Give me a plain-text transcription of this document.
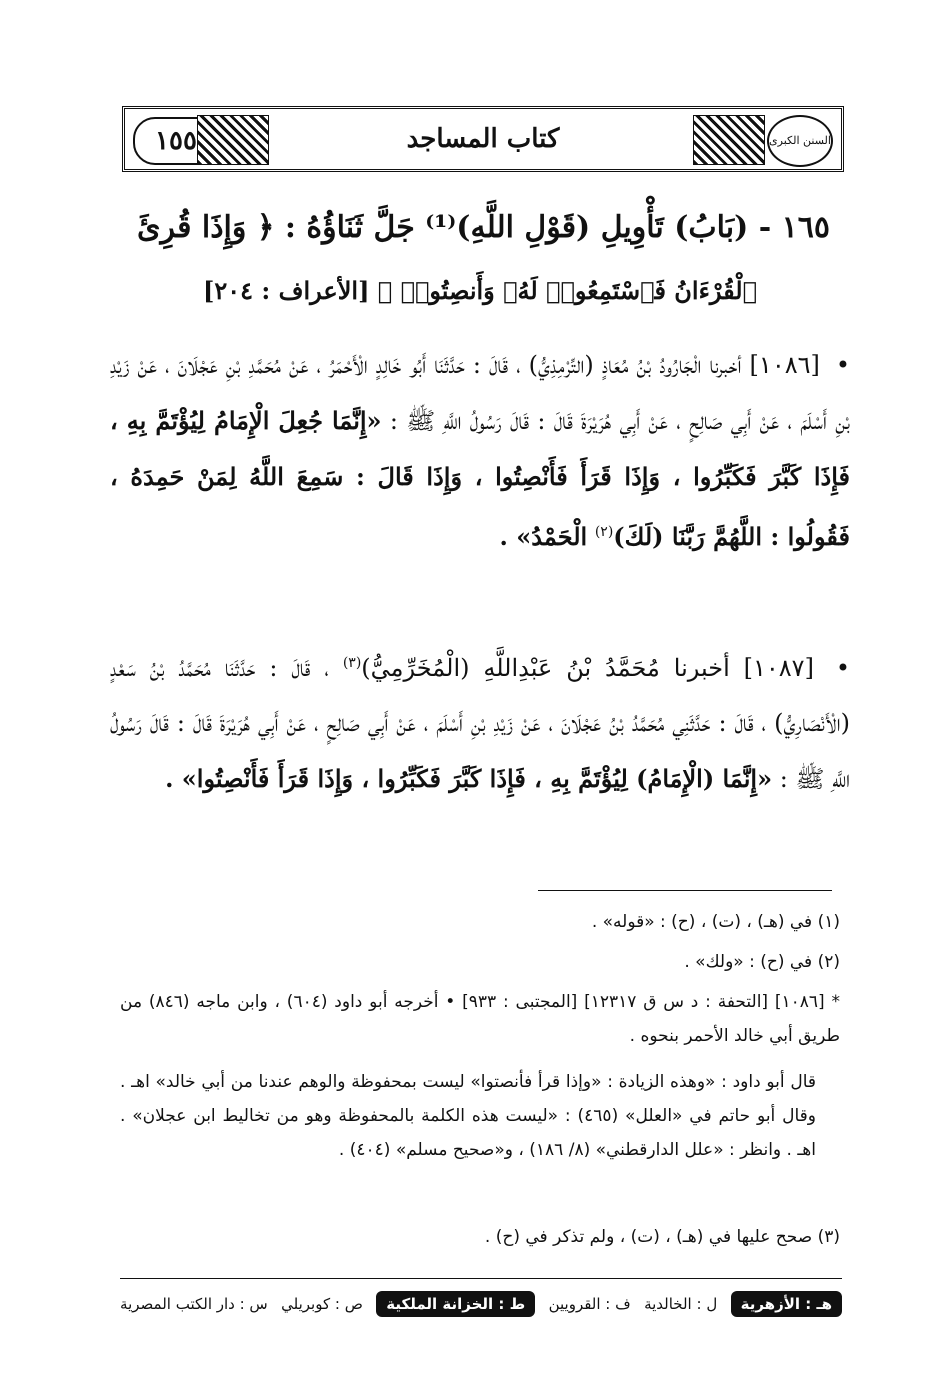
١٥٥	كتاب المساجد	السنن الكبرى
١٦٥ - (بَابُ) تَأْوِيلِ (قَوْلِ اللَّهِ)⁽¹⁾ جَلَّ ثَنَاؤُهُ : ﴿ وَإِذَا قُرِئَ
ٱلْقُرْءَانُ فَٱسْتَمِعُوا۟ لَهُۥ وَأَنصِتُوا۟ ﴾ [الأعراف : ٢٠٤]
• [١٠٨٦] أخبرنا الْجَارُودُ بْنُ مُعَاذٍ (التِّرْمِذِيُّ) ، قَالَ : حَدَّثَنَا أَبُو خَالِدٍ الْأَحْمَرُ ، عَنْ مُحَمَّدِ بْنِ عَجْلَانَ ، عَنْ زَيْدِ بْنِ أَسْلَمَ ، عَنْ أَبِي صَالِحٍ ، عَنْ أَبِي هُرَيْرَةَ قَالَ : قَالَ رَسُولُ اللَّهِ ﷺ : «إِنَّمَا جُعِلَ الْإِمَامُ لِيُؤْتَمَّ بِهِ ، فَإِذَا كَبَّرَ فَكَبِّرُوا ، وَإِذَا قَرَأَ فَأَنْصِتُوا ، وَإِذَا قَالَ : سَمِعَ اللَّهُ لِمَنْ حَمِدَهُ ، فَقُولُوا : اللَّهُمَّ رَبَّنَا (لَكَ)$^{(٢)}$ الْحَمْدُ» .
• [١٠٨٧] أخبرنا مُحَمَّدُ بْنُ عَبْدِاللَّهِ (الْمُخَرِّمِيُّ)$^{(٣)}$ ، قَالَ : حَدَّثَنَا مُحَمَّدُ بْنُ سَعْدٍ (الْأَنْصَارِيُّ) ، قَالَ : حَدَّثَنِي مُحَمَّدُ بْنُ عَجْلَانَ ، عَنْ زَيْدِ بْنِ أَسْلَمَ ، عَنْ أَبِي صَالِحٍ ، عَنْ أَبِي هُرَيْرَةَ قَالَ : قَالَ رَسُولُ اللَّهِ ﷺ : «إِنَّمَا (الْإِمَامُ) لِيُؤْتَمَّ بِهِ ، فَإِذَا كَبَّرَ فَكَبِّرُوا ، وَإِذَا قَرَأَ فَأَنْصِتُوا» .
(١) في (هـ) ، (ت) ، (ح) : «قوله» .
(٢) في (ح) : «ولك» .
* [١٠٨٦] [التحفة : د س ق ١٢٣١٧] [المجتبى : ٩٣٣] • أخرجه أبو داود (٦٠٤) ، وابن ماجه (٨٤٦) من طريق أبي خالد الأحمر بنحوه .
قال أبو داود : «وهذه الزيادة : «وإذا قرأ فأنصتوا» ليست بمحفوظة والوهم عندنا من أبي خالد» اهـ . وقال أبو حاتم في «العلل» (٤٦٥) : «ليست هذه الكلمة بالمحفوظة وهو من تخاليط ابن عجلان» . اهـ . وانظر : «علل الدارقطني» (٨/ ١٨٦) ، و«صحيح مسلم» (٤٠٤) .
(٣) صحح عليها في (هـ) ، (ت) ، ولم تذكر في (ح) .
س : دار الكتب المصرية ص : كوبريلي	ط : الخزانة الملكية	ف : القرويين ل : الخالدية	هـ : الأزهرية
